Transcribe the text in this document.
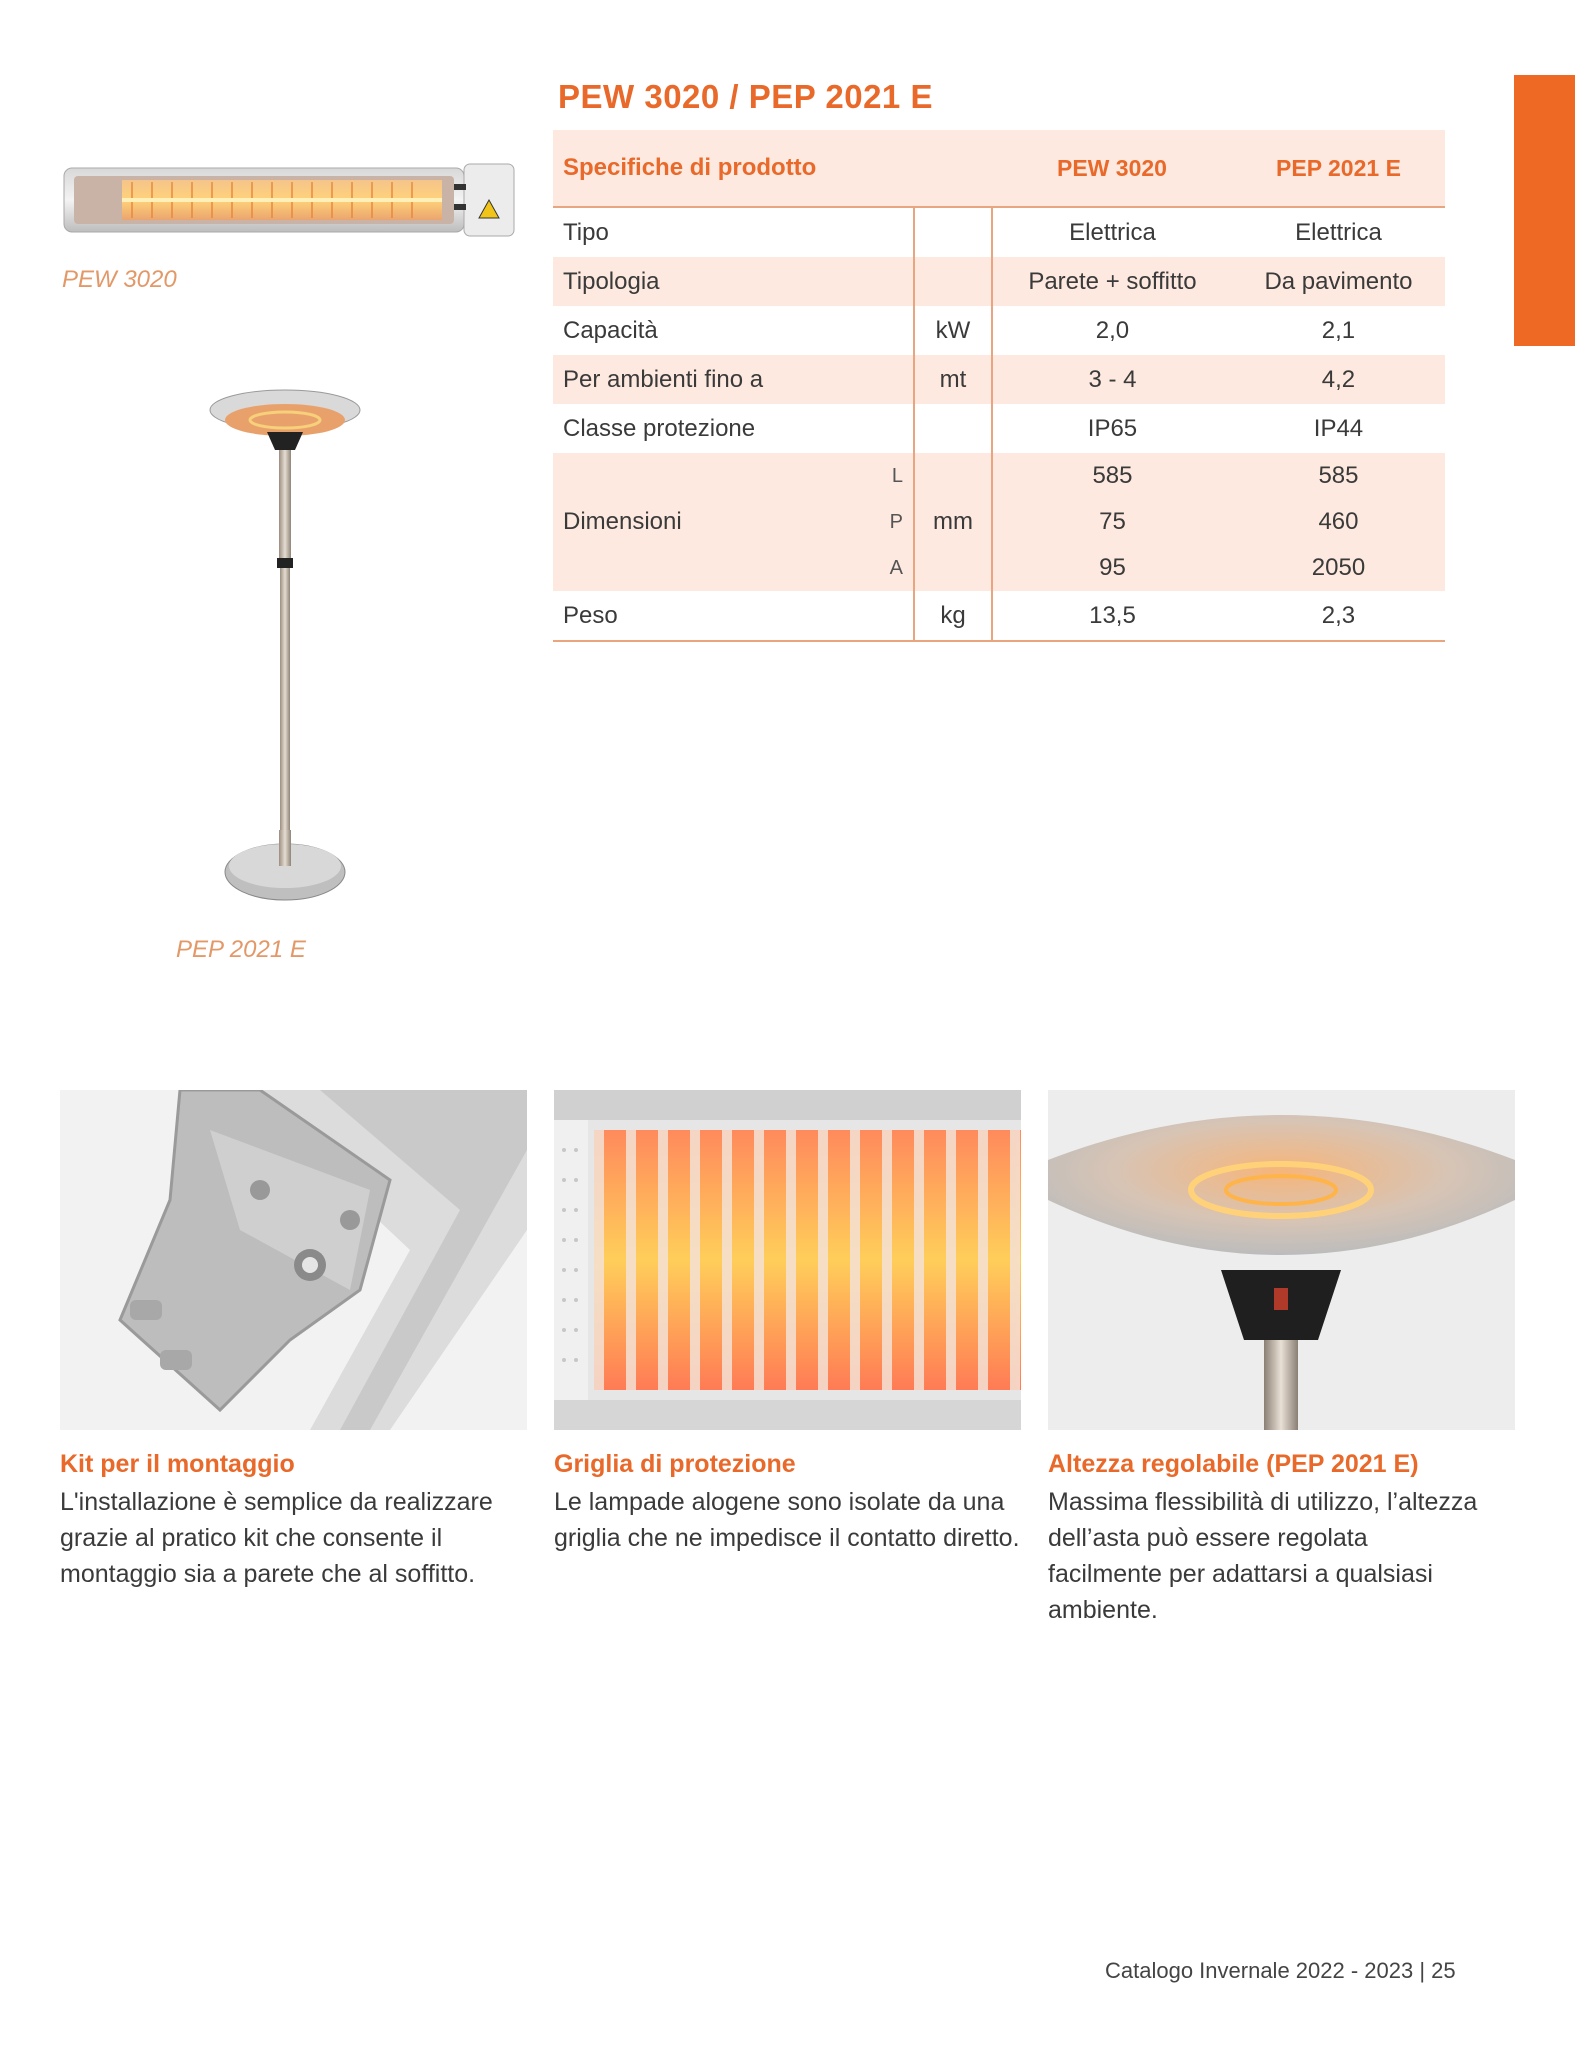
PEW 3020 / PEP 2021 E
PEW 3020
PEP 2021 E
Specifiche di prodotto			PEW 3020	PEP 2021 E
Tipo			Elettrica	Elettrica
Tipologia			Parete + soffitto	Da pavimento
Capacità		kW	2,0	2,1
Per ambienti fino a		mt	3 - 4	4,2
Classe protezione			IP65	IP44
Dimensioni	L	mm	585	585
	P		75	460
	A		95	2050
Peso		kg	13,5	2,3
Kit per il montaggio
L'installazione è semplice da realizzare grazie al pratico kit che consente il montaggio sia a parete che al soffitto.
Griglia di protezione
Le lampade alogene sono isolate da una griglia che ne impedisce il contatto diretto.
Altezza regolabile (PEP 2021 E)
Massima flessibilità di utilizzo, l’altezza dell’asta può essere regolata facilmente per adattarsi a qualsiasi ambiente.
Catalogo Invernale 2022 - 2023 | 25
